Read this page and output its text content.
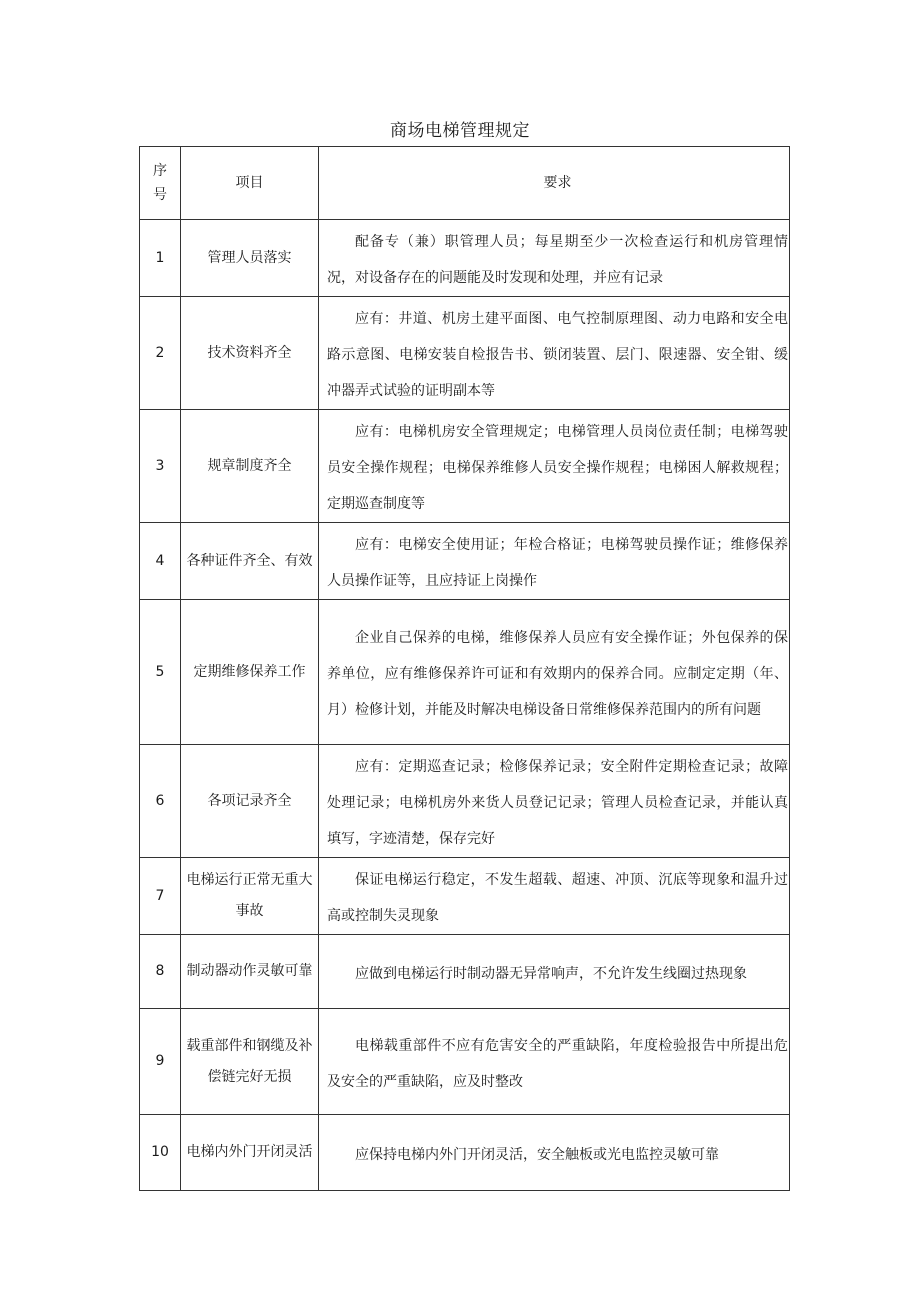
商场电梯管理规定
序号	项目	要求
1	管理人员落实	配备专（兼）职管理人员；每星期至少一次检查运行和机房管理情况，对设备存在的问题能及时发现和处理，并应有记录

2	技术资料齐全	应有：井道、机房土建平面图、电气控制原理图、动力电路和安全电路示意图、电梯安装自检报告书、锁闭装置、层门、限速器、安全钳、缓冲器弄式试验的证明副本等

3	规章制度齐全	应有：电梯机房安全管理规定；电梯管理人员岗位责任制；电梯驾驶员安全操作规程；电梯保养维修人员安全操作规程；电梯困人解救规程；定期巡查制度等

4	各种证件齐全、有效	应有：电梯安全使用证；年检合格证；电梯驾驶员操作证；维修保养人员操作证等，且应持证上岗操作

5	定期维修保养工作	企业自己保养的电梯，维修保养人员应有安全操作证；外包保养的保养单位，应有维修保养许可证和有效期内的保养合同。应制定定期（年、月）检修计划，并能及时解决电梯设备日常维修保养范围内的所有问题

6	各项记录齐全	应有：定期巡查记录；检修保养记录；安全附件定期检查记录；故障处理记录；电梯机房外来货人员登记记录；管理人员检查记录，并能认真填写，字迹清楚，保存完好

7	电梯运行正常无重大事故	保证电梯运行稳定，不发生超载、超速、冲顶、沉底等现象和温升过高或控制失灵现象

8	制动器动作灵敏可靠	应做到电梯运行时制动器无异常响声，不允许发生线圈过热现象

9	载重部件和钢缆及补偿链完好无损	电梯载重部件不应有危害安全的严重缺陷，年度检验报告中所提出危及安全的严重缺陷，应及时整改

10	电梯内外门开闭灵活	应保持电梯内外门开闭灵活，安全触板或光电监控灵敏可靠
